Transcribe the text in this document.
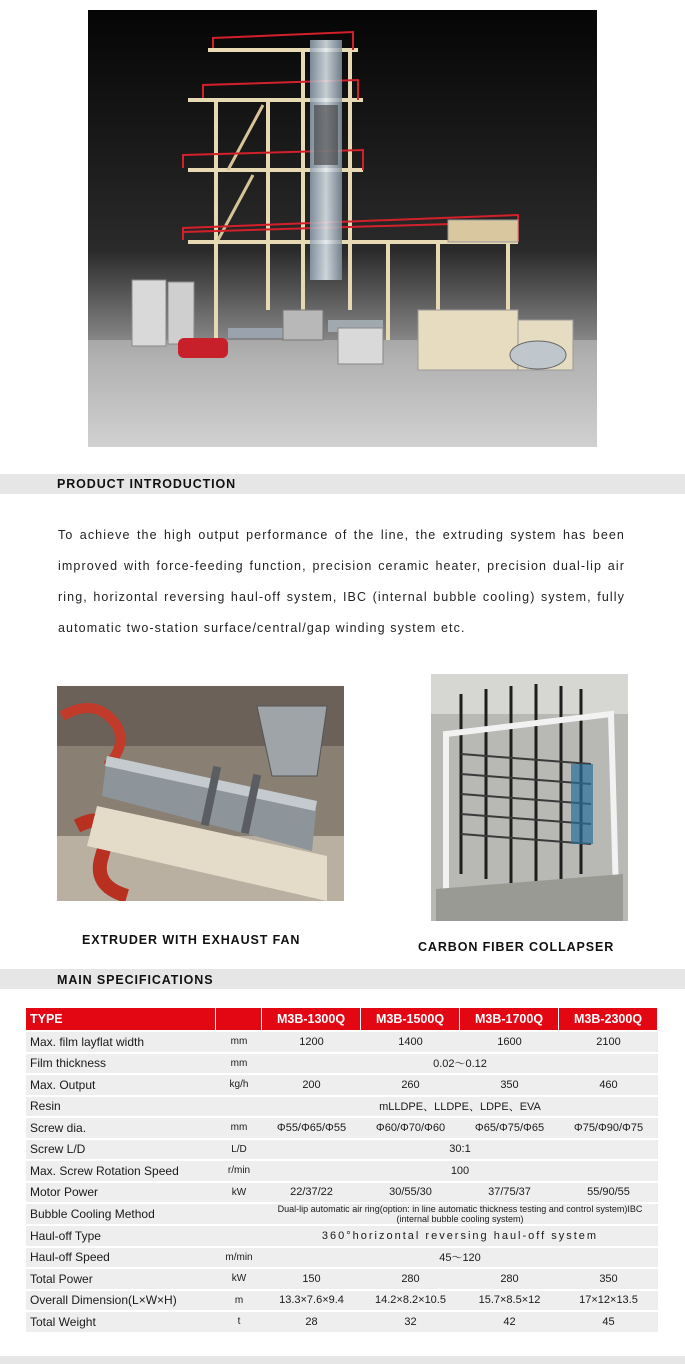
PRODUCT INTRODUCTION
To achieve the high output performance of the line, the extruding system has been improved with force-feeding function, precision ceramic heater, precision dual-lip air ring, horizontal reversing haul-off system, IBC (internal bubble cooling) system, fully automatic two-station surface/central/gap winding system etc.
EXTRUDER WITH EXHAUST FAN	CARBON FIBER COLLAPSER
MAIN SPECIFICATIONS
TYPE		M3B-1300Q	M3B-1500Q	M3B-1700Q	M3B-2300Q
Max. film layflat width	mm	1200	1400	1600	2100
Film thickness	mm	0.02～0.12			
Max. Output	kg/h	200	260	350	460
Resin		mLLDPE、LLDPE、LDPE、EVA			
Screw dia.	mm	Φ55/Φ65/Φ55	Φ60/Φ70/Φ60	Φ65/Φ75/Φ65	Φ75/Φ90/Φ75
Screw L/D	L/D	30:1			
Max. Screw Rotation Speed	r/min	100			
Motor Power	kW	22/37/22	30/55/30	37/75/37	55/90/55
Bubble Cooling Method		Dual-lip automatic air ring(option: in line automatic thickness testing and control system)IBC (internal bubble cooling system)			
Haul-off Type		360°horizontal reversing haul-off system			
Haul-off Speed	m/min	45～120			
Total Power	kW	150	280	280	350
Overall Dimension(L×W×H)	m	13.3×7.6×9.4	14.2×8.2×10.5	15.7×8.5×12	17×12×13.5
Total Weight	t	28	32	42	45
